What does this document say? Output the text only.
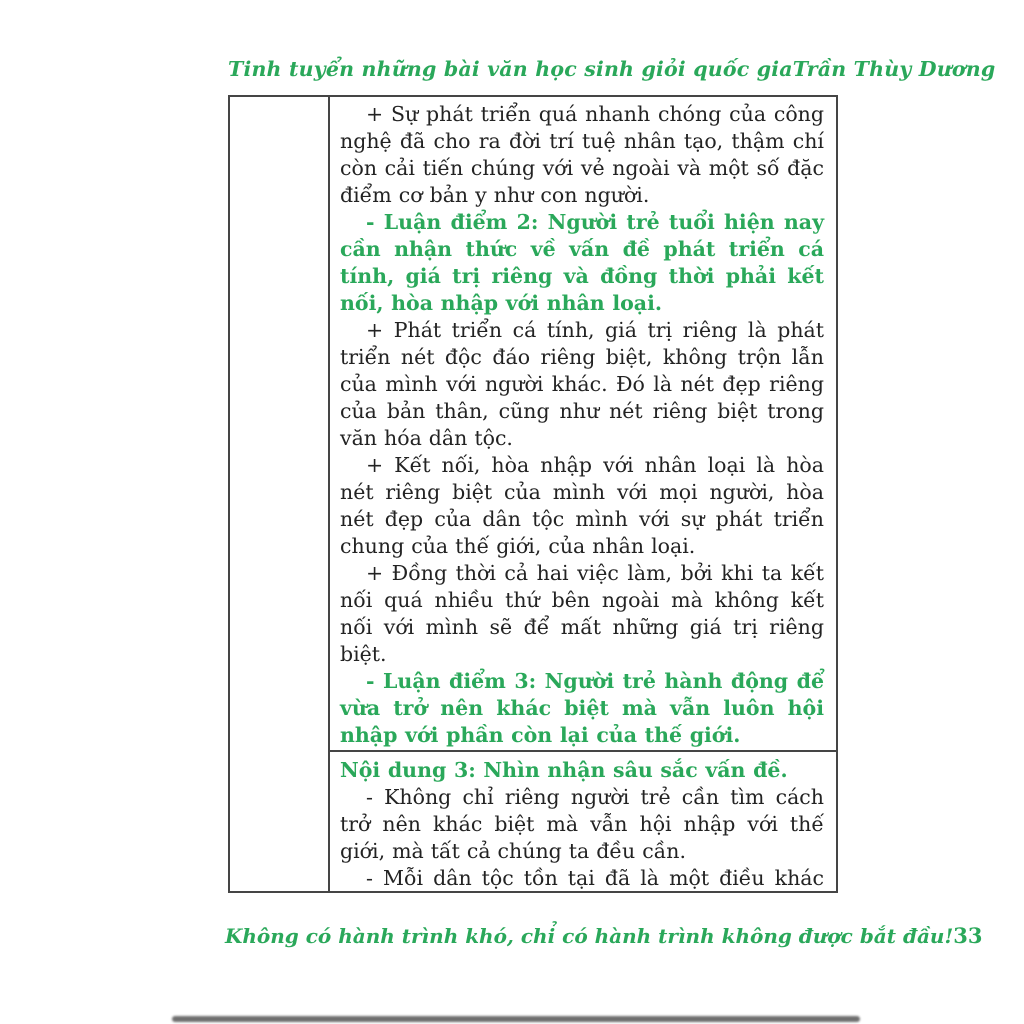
Tinh tuyển những bài văn học sinh giỏi quốc gia Trần Thùy Dương

+ Sự phát triển quá nhanh chóng của công nghệ đã cho ra đời trí tuệ nhân tạo, thậm chí còn cải tiến chúng với vẻ ngoài và một số đặc điểm cơ bản y như con người.

- Luận điểm 2: Người trẻ tuổi hiện nay cần nhận thức về vấn đề phát triển cá tính, giá trị riêng và đồng thời phải kết nối, hòa nhập với nhân loại.

+ Phát triển cá tính, giá trị riêng là phát triển nét độc đáo riêng biệt, không trộn lẫn của mình với người khác. Đó là nét đẹp riêng của bản thân, cũng như nét riêng biệt trong văn hóa dân tộc.

+ Kết nối, hòa nhập với nhân loại là hòa nét riêng biệt của mình với mọi người, hòa nét đẹp của dân tộc mình với sự phát triển chung của thế giới, của nhân loại.

+ Đồng thời cả hai việc làm, bởi khi ta kết nối quá nhiều thứ bên ngoài mà không kết nối với mình sẽ để mất những giá trị riêng biệt.

- Luận điểm 3: Người trẻ hành động để vừa trở nên khác biệt mà vẫn luôn hội nhập với phần còn lại của thế giới.

Nội dung 3: Nhìn nhận sâu sắc vấn đề.

- Không chỉ riêng người trẻ cần tìm cách trở nên khác biệt mà vẫn hội nhập với thế giới, mà tất cả chúng ta đều cần.

- Mỗi dân tộc tồn tại đã là một điều khác

Không có hành trình khó, chỉ có hành trình không được bắt đầu! 33
